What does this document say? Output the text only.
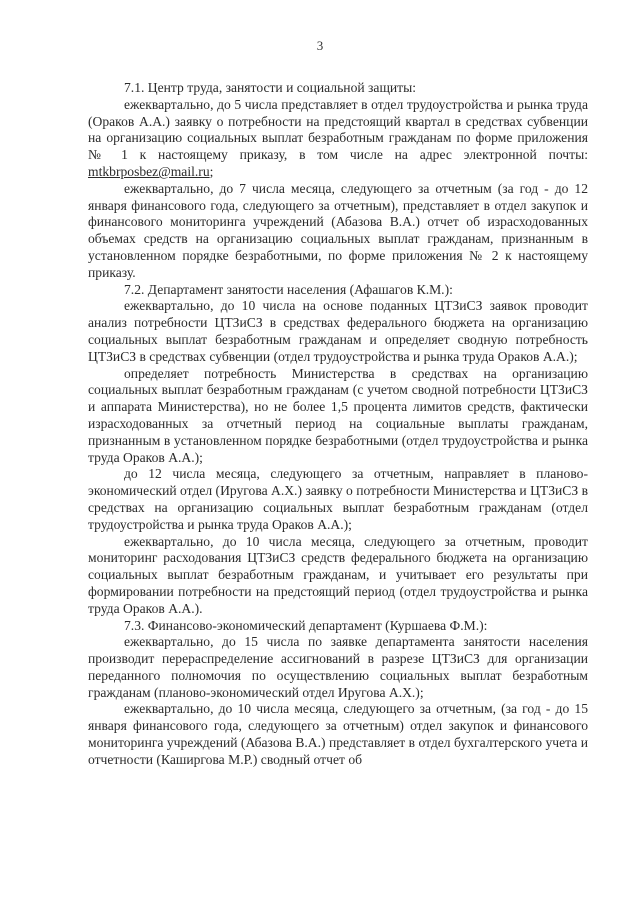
3

7.1. Центр труда, занятости и социальной защиты:

ежеквартально, до 5 числа представляет в отдел трудоустройства и рынка труда (Ораков А.А.) заявку о потребности на предстоящий квартал в средствах субвенции на организацию социальных выплат безработным гражданам по форме приложения № 1 к настоящему приказу, в том числе на адрес электронной почты: mtkbrposbez@mail.ru;

ежеквартально, до 7 числа месяца, следующего за отчетным (за год - до 12 января финансового года, следующего за отчетным), представляет в отдел закупок и финансового мониторинга учреждений (Абазова В.А.) отчет об израсходованных объемах средств на организацию социальных выплат гражданам, признанным в установленном порядке безработными, по форме приложения № 2 к настоящему приказу.

7.2. Департамент занятости населения (Афашагов К.М.):

ежеквартально, до 10 числа на основе поданных ЦТЗиСЗ заявок проводит анализ потребности ЦТЗиСЗ в средствах федерального бюджета на организацию социальных выплат безработным гражданам и определяет сводную потребность ЦТЗиСЗ в средствах субвенции (отдел трудоустройства и рынка труда Ораков А.А.);

определяет потребность Министерства в средствах на организацию социальных выплат безработным гражданам (с учетом сводной потребности ЦТЗиСЗ и аппарата Министерства), но не более 1,5 процента лимитов средств, фактически израсходованных за отчетный период на социальные выплаты гражданам, признанным в установленном порядке безработными (отдел трудоустройства и рынка труда Ораков А.А.);

до 12 числа месяца, следующего за отчетным, направляет в планово-экономический отдел (Иругова А.Х.) заявку о потребности Министерства и ЦТЗиСЗ в средствах на организацию социальных выплат безработным гражданам (отдел трудоустройства и рынка труда Ораков А.А.);

ежеквартально, до 10 числа месяца, следующего за отчетным, проводит мониторинг расходования ЦТЗиСЗ средств федерального бюджета на организацию социальных выплат безработным гражданам, и учитывает его результаты при формировании потребности на предстоящий период (отдел трудоустройства и рынка труда Ораков А.А.).

7.3. Финансово-экономический департамент (Куршаева Ф.М.):

ежеквартально, до 15 числа по заявке департамента занятости населения производит перераспределение ассигнований в разрезе ЦТЗиСЗ для организации переданного полномочия по осуществлению социальных выплат безработным гражданам (планово-экономический отдел Иругова А.Х.);

ежеквартально, до 10 числа месяца, следующего за отчетным, (за год - до 15 января финансового года, следующего за отчетным) отдел закупок и финансового мониторинга учреждений (Абазова В.А.) представляет в отдел бухгалтерского учета и отчетности (Каширгова М.Р.) сводный отчет об
